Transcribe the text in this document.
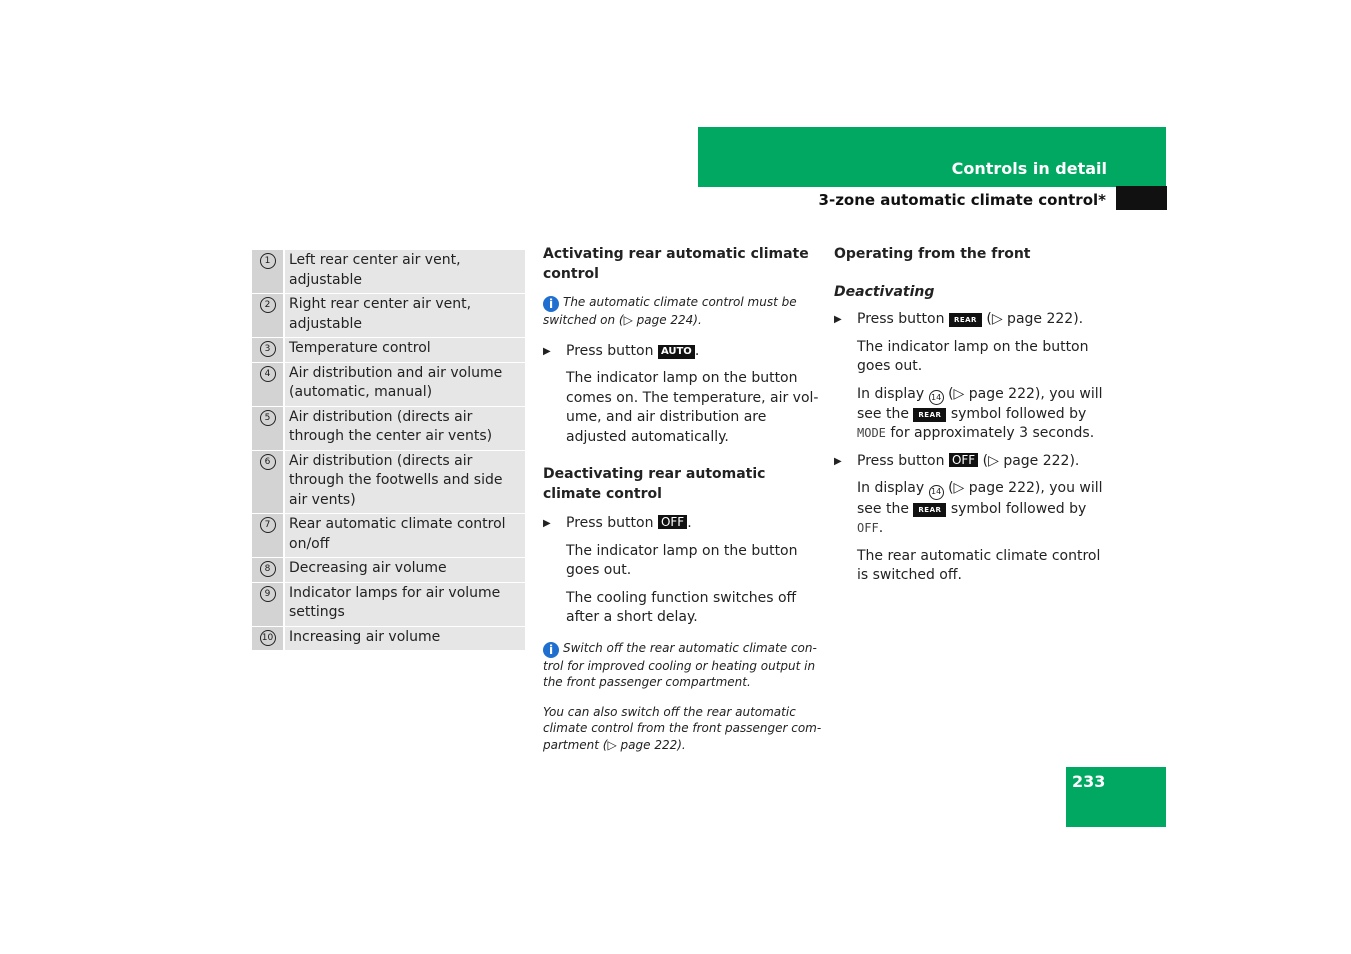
Controls in detail
3-zone automatic climate control*
1	Left rear center air vent, adjustable
2	Right rear center air vent, adjustable
3	Temperature control
4	Air distribution and air volume (automatic, manual)
5	Air distribution (directs air through the center air vents)
6	Air distribution (directs air through the footwells and side air vents)
7	Rear automatic climate control on/off
8	Decreasing air volume
9	Indicator lamps for air volume settings
10 Increasing air volume

Activating rear automatic climate control

i The automatic climate control must be switched on (▷ page 224).

▶ Press button AUTO .

The indicator lamp on the button comes on. The temperature, air vol-ume, and air distribution are adjusted automatically.

Deactivating rear automatic climate control

▶ Press button OFF .

The indicator lamp on the button goes out.

The cooling function switches off after a short delay.

i Switch off the rear automatic climate con-trol for improved cooling or heating output in the front passenger compartment.

You can also switch off the rear automatic climate control from the front passenger com-partment (▷ page 222).

Operating from the front

Deactivating

▶ Press button REAR (▷ page 222).

The indicator lamp on the button goes out.

In display 14 (▷ page 222), you will see the REAR symbol followed by MODE for approximately 3 seconds.

▶ Press button OFF (▷ page 222).

In display 14 (▷ page 222), you will see the REAR symbol followed by OFF.

The rear automatic climate control is switched off.

233
